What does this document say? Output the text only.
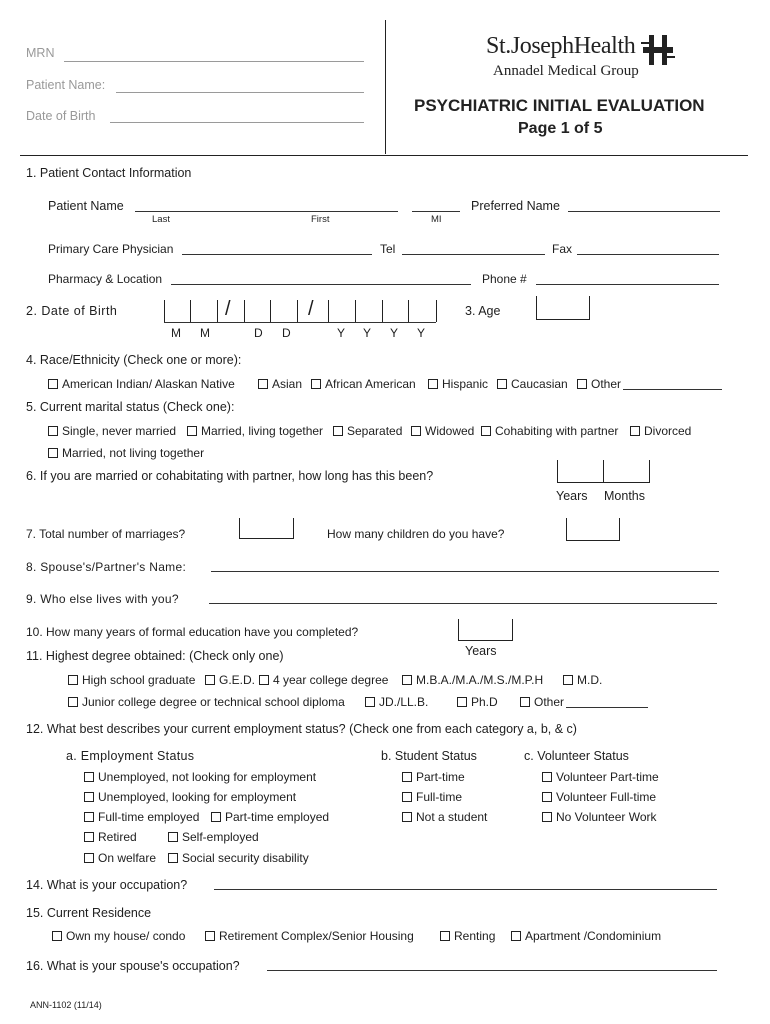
MRN
Patient Name:
Date of Birth
St.JosephHealth
Annadel Medical Group
PSYCHIATRIC INITIAL EVALUATION
Page 1 of 5
1. Patient Contact Information
Patient Name
Last	First	MI
Preferred Name
Primary Care Physician	Tel	Fax
Pharmacy & Location	Phone #
2. Date of Birth	/	/
M M	D D	Y Y Y Y
3. Age
4. Race/Ethnicity (Check one or more):
American Indian/ Alaskan Native	Asian African American Hispanic Caucasian Other
5. Current marital status (Check one):
Single, never married Married, living together Separated Widowed Cohabiting with partner Divorced
Married, not living together
6. If you are married or cohabitating with partner, how long has this been?
Years Months
7. Total number of marriages?	How many children do you have?
8. Spouse's/Partner's Name:
9. Who else lives with you?
10. How many years of formal education have you completed?
Years
11. Highest degree obtained: (Check only one)
High school graduate G.E.D. 4 year college degree M.B.A./M.A./M.S./M.P.H	M.D.
Junior college degree or technical school diploma	JD./LL.B.	Ph.D	Other
12. What best describes your current employment status? (Check one from each category a, b, & c)
a. Employment Status
Unemployed, not looking for employment
Unemployed, looking for employment
Full-time employed Part-time employed
Retired	Self-employed
On welfare Social security disability
b. Student Status
Part-time
Full-time
Not a student
c. Volunteer Status
Volunteer Part-time
Volunteer Full-time
No Volunteer Work
14. What is your occupation?
15. Current Residence
Own my house/ condo	Retirement Complex/Senior Housing	Renting Apartment /Condominium
16. What is your spouse's occupation?
ANN-1102 (11/14)
